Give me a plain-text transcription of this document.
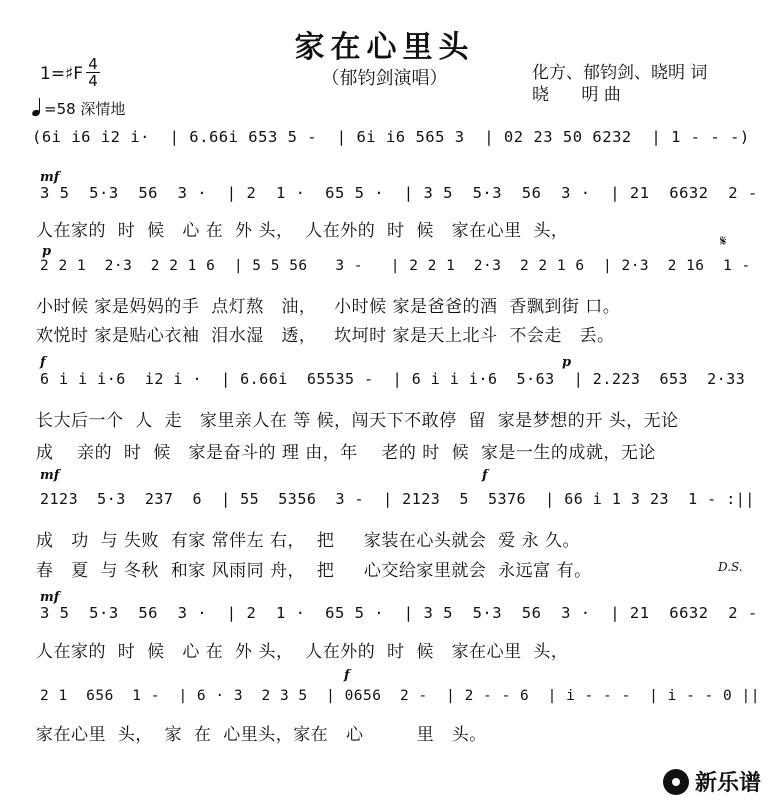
家在心里头
（郁钧剑演唱）	化方、郁钧剑、晓明 词
晓      明 曲
1=♯F 4
4
=58 深情地
(6i i6 i2 i·  | 6.66i 653 5 -  | 6i i6 565 3  | 02 23 50 6232  | 1 - - -)
mf
3 5  5·3  56  3 ·  | 2  1 ·  65 5 ·  | 3 5  5·3  56  3 ·  | 21  6632  2 -
人在家的  时  候   心 在  外 头，  人在外的  时  候   家在心里  头，
p
2 2 1  2·3  2 2 1 6  | 5 5 56   3 -   | 2 2 1  2·3  2 2 1 6  | 2·3  2 16  1 -
小时候 家是妈妈的手  点灯熬   油，   小时候 家是爸爸的酒  香飘到街 口。
欢悦时 家是贴心衣袖  泪水湿   透，   坎坷时 家是天上北斗  不会走   丢。
𝄋
f	p
6 i i i·6  i2 i ·  | 6.66i  65535 -  | 6 i i i·6  5·63  | 2.223  653  2·33
长大后一个  人  走   家里亲人在 等 候，闯天下不敢停  留  家是梦想的开 头，无论
成    亲的  时  候   家是奋斗的 理 由，年    老的 时  候  家是一生的成就，无论
mf	f
2123  5·3  237  6  | 55  5356  3 -  | 2123  5  5376  | 66 i 1 3 23  1 - :||
成   功  与 失败  有家 常伴左 右，  把     家装在心头就会  爱 永 久。
春   夏  与 冬秋  和家 风雨同 舟，  把     心交给家里就会  永远富 有。	D.S.
mf
3 5  5·3  56  3 ·  | 2  1 ·  65 5 ·  | 3 5  5·3  56  3 ·  | 21  6632  2 -
人在家的  时  候   心 在  外 头，  人在外的  时  候   家在心里  头，
f
2 1  656  1 -  | 6 · 3  2 3 5  | 0656  2 -  | 2 - - 6  | i - - -  | i - - 0 ||
家在心里  头，  家  在  心里头，家在   心         里   头。
新乐谱
